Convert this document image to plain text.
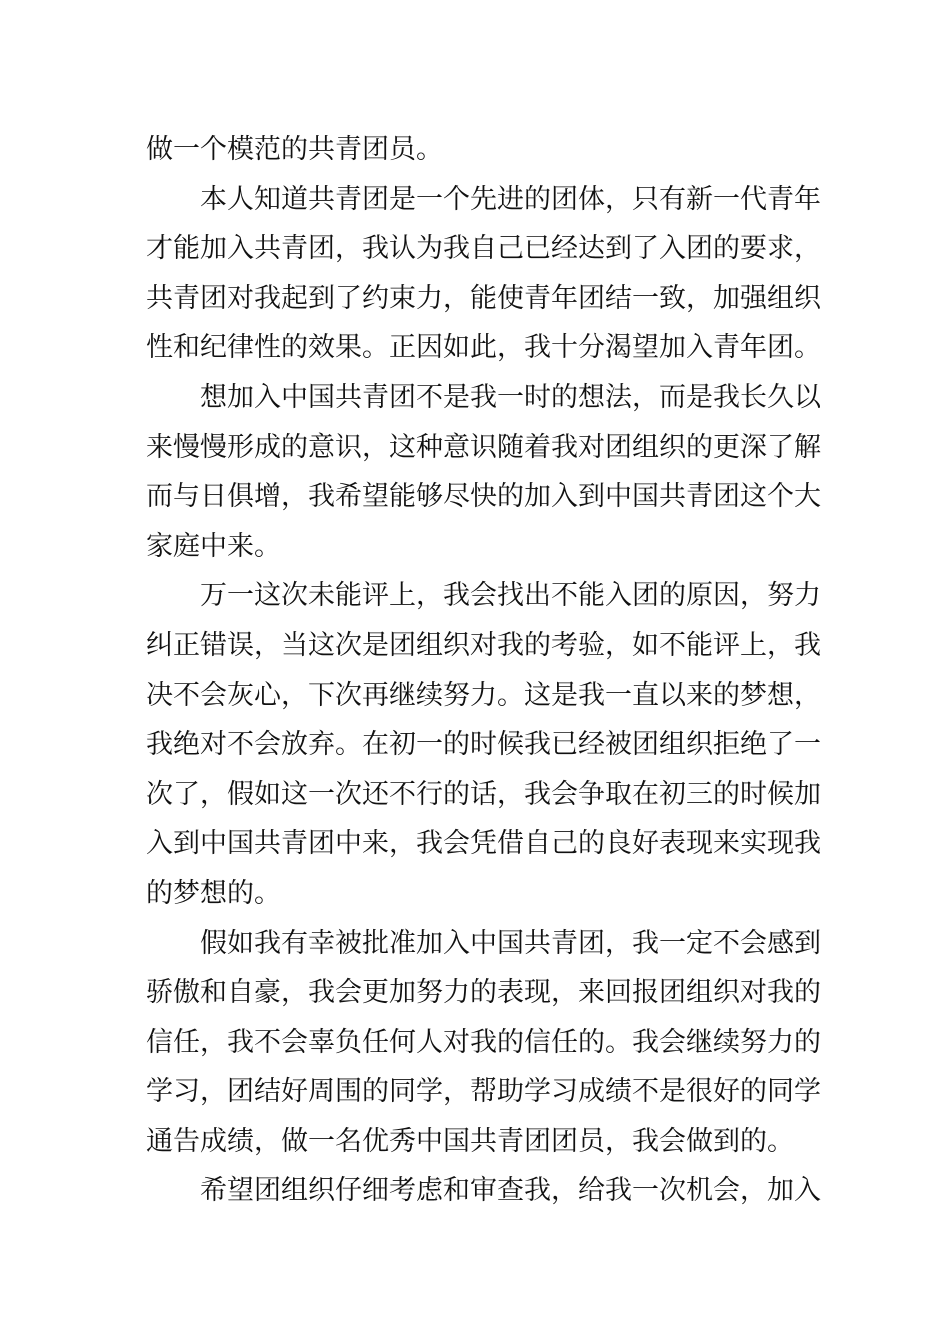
做一个模范的共青团员。
本人知道共青团是一个先进的团体，只有新一代青年
才能加入共青团，我认为我自己已经达到了入团的要求，
共青团对我起到了约束力，能使青年团结一致，加强组织
性和纪律性的效果。正因如此，我十分渴望加入青年团。
想加入中国共青团不是我一时的想法，而是我长久以
来慢慢形成的意识，这种意识随着我对团组织的更深了解
而与日俱增，我希望能够尽快的加入到中国共青团这个大
家庭中来。
万一这次未能评上，我会找出不能入团的原因，努力
纠正错误，当这次是团组织对我的考验，如不能评上，我
决不会灰心，下次再继续努力。这是我一直以来的梦想，
我绝对不会放弃。在初一的时候我已经被团组织拒绝了一
次了，假如这一次还不行的话，我会争取在初三的时候加
入到中国共青团中来，我会凭借自己的良好表现来实现我
的梦想的。
假如我有幸被批准加入中国共青团，我一定不会感到
骄傲和自豪，我会更加努力的表现，来回报团组织对我的
信任，我不会辜负任何人对我的信任的。我会继续努力的
学习，团结好周围的同学，帮助学习成绩不是很好的同学
通告成绩，做一名优秀中国共青团团员，我会做到的。
希望团组织仔细考虑和审查我，给我一次机会，加入
